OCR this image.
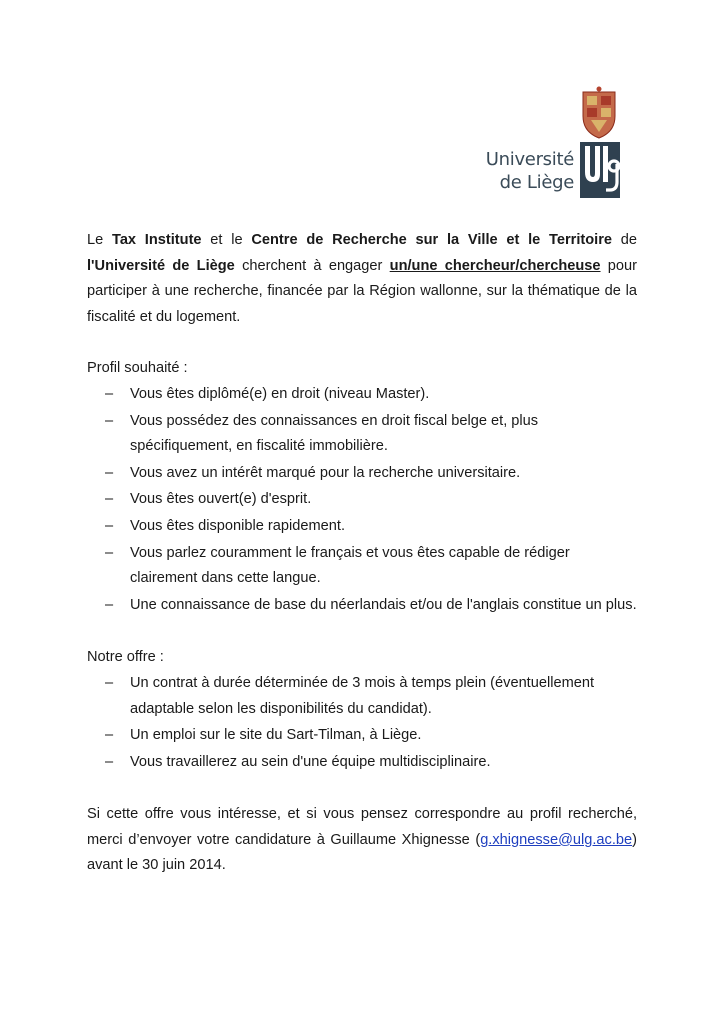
Université
de Liège

Le Tax Institute et le Centre de Recherche sur la Ville et le Territoire de l'Université de Liège cherchent à engager un/une chercheur/chercheuse pour participer à une recherche, financée par la Région wallonne, sur la thématique de la fiscalité et du logement.

Profil souhaité :

– Vous êtes diplômé(e) en droit (niveau Master).
– Vous possédez des connaissances en droit fiscal belge et, plus spécifiquement, en fiscalité immobilière.
– Vous avez un intérêt marqué pour la recherche universitaire.
– Vous êtes ouvert(e) d'esprit.
– Vous êtes disponible rapidement.
– Vous parlez couramment le français et vous êtes capable de rédiger clairement dans cette langue.
– Une connaissance de base du néerlandais et/ou de l'anglais constitue un plus.

Notre offre :

– Un contrat à durée déterminée de 3 mois à temps plein (éventuellement adaptable selon les disponibilités du candidat).
– Un emploi sur le site du Sart-Tilman, à Liège.
– Vous travaillerez au sein d'une équipe multidisciplinaire.

Si cette offre vous intéresse, et si vous pensez correspondre au profil recherché, merci d’envoyer votre candidature à Guillaume Xhignesse (g.xhignesse@ulg.ac.be) avant le 30 juin 2014.
